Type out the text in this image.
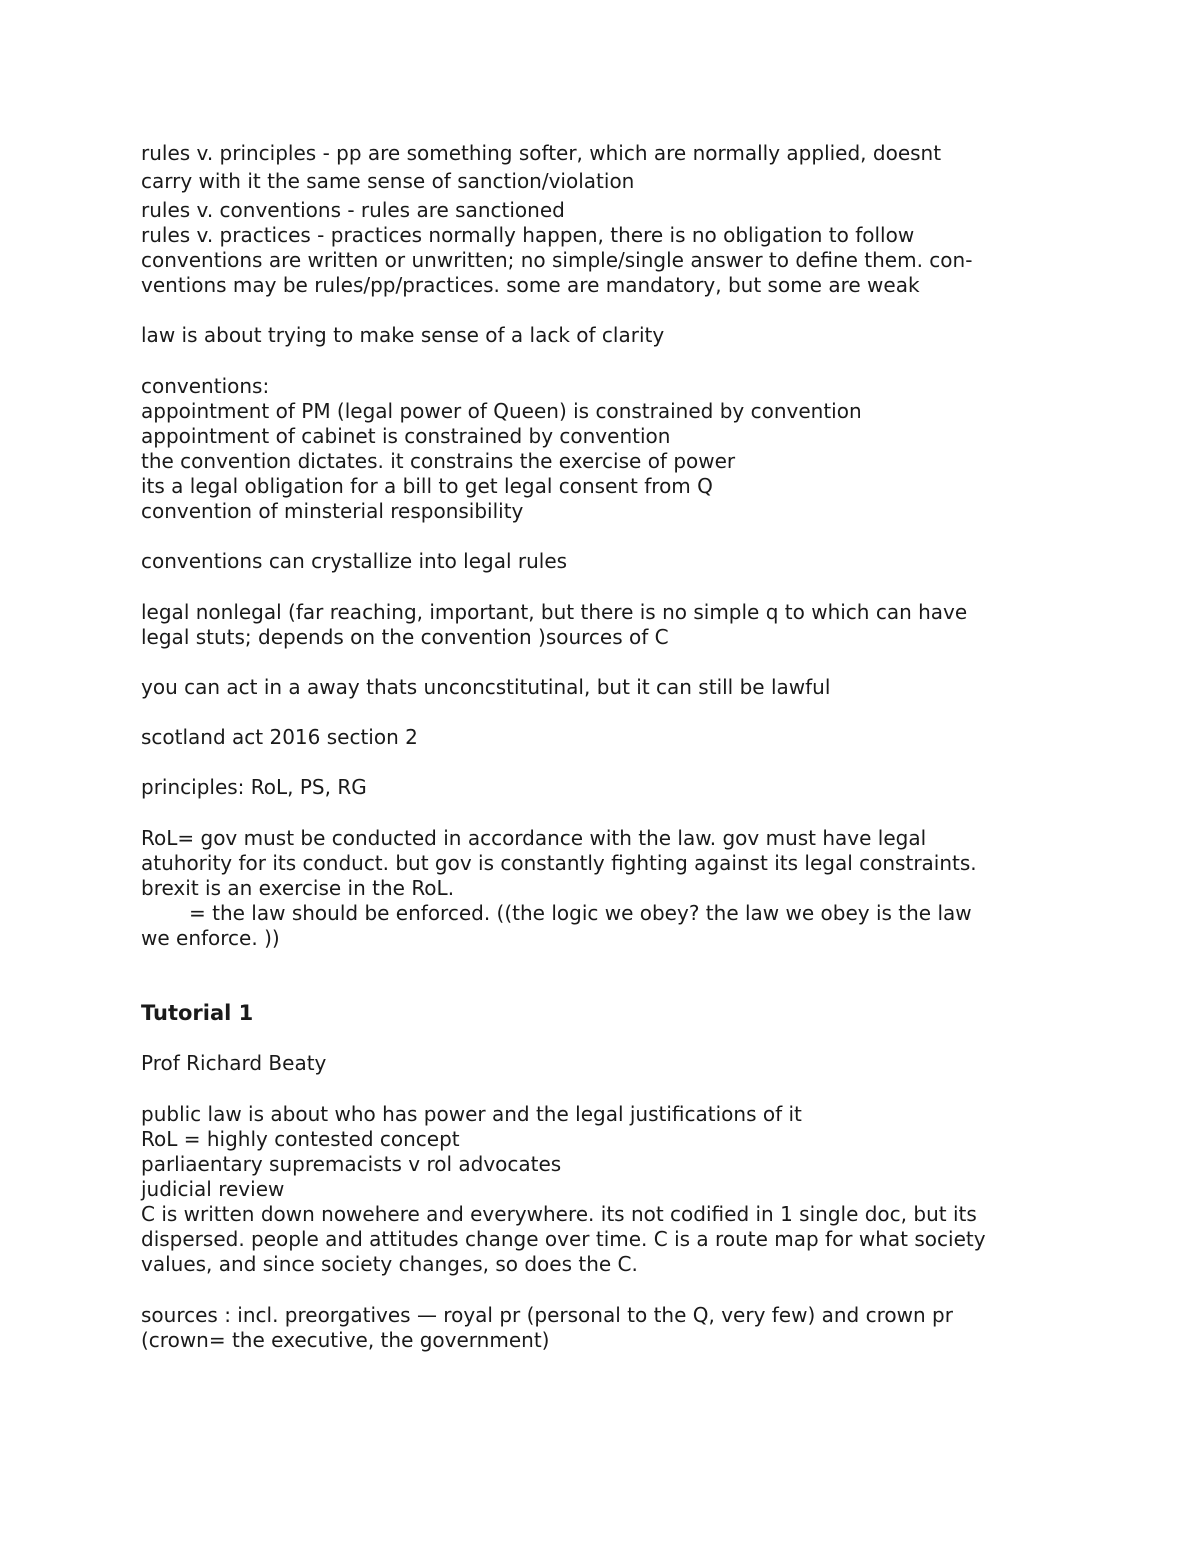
rules v. principles - pp are something softer, which are normally applied, doesnt
carry with it the same sense of sanction/violation
rules v. conventions - rules are sanctioned
rules v. practices - practices normally happen, there is no obligation to follow
conventions are written or unwritten; no simple/single answer to define them. con-
ventions may be rules/pp/practices. some are mandatory, but some are weak
law is about trying to make sense of a lack of clarity
conventions:
appointment of PM (legal power of Queen) is constrained by convention
appointment of cabinet is constrained by convention
the convention dictates. it constrains the exercise of power
its a legal obligation for a bill to get legal consent from Q
convention of minsterial responsibility
conventions can crystallize into legal rules
legal nonlegal (far reaching, important, but there is no simple q to which can have
legal stuts; depends on the convention )sources of C
you can act in a away thats unconcstitutinal, but it can still be lawful
scotland act 2016 section 2
principles: RoL, PS, RG
RoL= gov must be conducted in accordance with the law. gov must have legal
atuhority for its conduct. but gov is constantly fighting against its legal constraints.
brexit is an exercise in the RoL.
= the law should be enforced. ((the logic we obey? the law we obey is the law
we enforce. ))
Tutorial 1
Prof Richard Beaty
public law is about who has power and the legal justifications of it
RoL = highly contested concept
parliaentary supremacists v rol advocates
judicial review
C is written down nowehere and everywhere. its not codified in 1 single doc, but its
dispersed. people and attitudes change over time. C is a route map for what society
values, and since society changes, so does the C.
sources : incl. preorgatives — royal pr (personal to the Q, very few) and crown pr
(crown= the executive, the government)
